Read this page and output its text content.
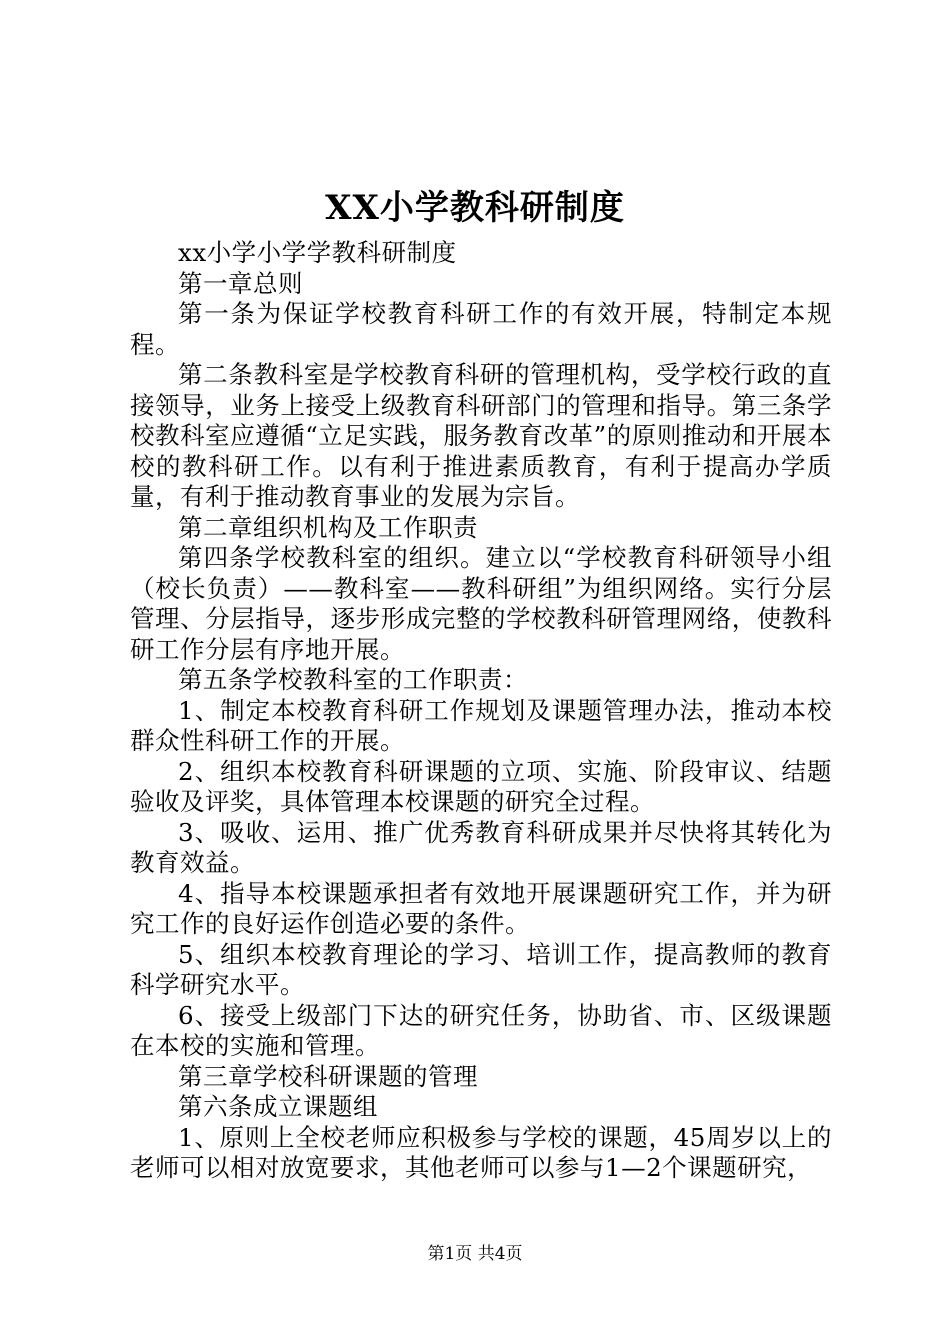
XX小学教科研制度

xx小学小学学教科研制度

第一章总则

第一条为保证学校教育科研工作的有效开展，特制定本规程。

第二条教科室是学校教育科研的管理机构，受学校行政的直接领导，业务上接受上级教育科研部门的管理和指导。第三条学校教科室应遵循“立足实践，服务教育改革”的原则推动和开展本校的教科研工作。以有利于推进素质教育，有利于提高办学质量，有利于推动教育事业的发展为宗旨。

第二章组织机构及工作职责

第四条学校教科室的组织。建立以“学校教育科研领导小组（校长负责）——教科室——教科研组”为组织网络。实行分层管理、分层指导，逐步形成完整的学校教科研管理网络，使教科研工作分层有序地开展。

第五条学校教科室的工作职责：

1、制定本校教育科研工作规划及课题管理办法，推动本校群众性科研工作的开展。

2、组织本校教育科研课题的立项、实施、阶段审议、结题验收及评奖，具体管理本校课题的研究全过程。

3、吸收、运用、推广优秀教育科研成果并尽快将其转化为教育效益。

4、指导本校课题承担者有效地开展课题研究工作，并为研究工作的良好运作创造必要的条件。

5、组织本校教育理论的学习、培训工作，提高教师的教育科学研究水平。

6、接受上级部门下达的研究任务，协助省、市、区级课题在本校的实施和管理。

第三章学校科研课题的管理

第六条成立课题组

1、原则上全校老师应积极参与学校的课题，45周岁以上的老师可以相对放宽要求，其他老师可以参与1—2个课题研究，

第1页 共4页
